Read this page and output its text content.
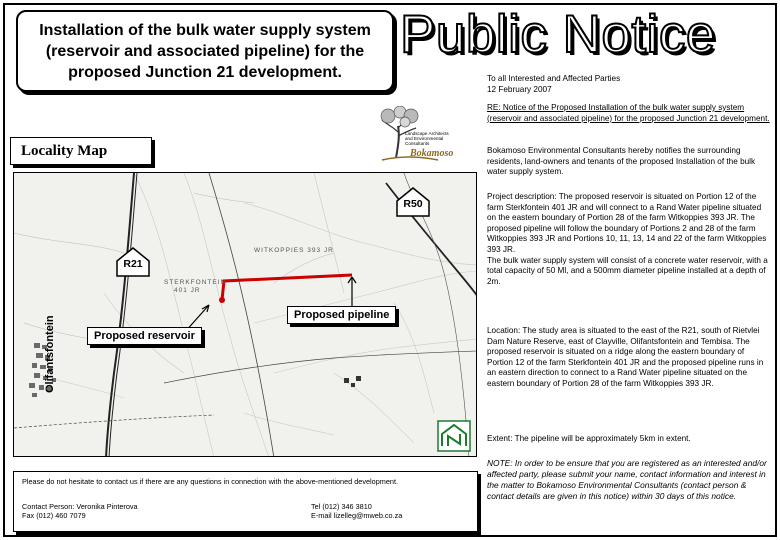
Installation of the bulk water supply system
(reservoir and associated pipeline) for the
proposed Junction 21 development.
Public Notice

To all Interested and Affected Parties

12 February 2007

RE: Notice of the Proposed Installation of the bulk water supply system (reservoir and associated pipeline) for the proposed Junction 21 development.

Landscape Architects and Environmental Consultants
Bokamoso	Bokamoso Environmental Consultants hereby notifies the surrounding residents, land-owners and tenants of the proposed Installation of the bulk water supply system.

Project description: The proposed reservoir is situated on Portion 12 of the farm Sterkfontein 401 JR and will connect to a Rand Water pipeline situated on the eastern boundary of Portion 28 of the farm Witkoppies 393 JR. The proposed pipeline will follow the boundary of Portions 2 and 28 of the farm Witkoppies 393 JR and Portions 10, 11, 13, 14 and 22 of the farm Witkoppies 393 JR.

The bulk water supply system will consist of a concrete water reservoir, with a total capacity of 50 Ml, and a 500mm diameter pipeline installed at a depth of 2m.

Location: The study area is situated to the east of the R21, south of Rietvlei Dam Nature Reserve, east of Clayville, Olifantsfontein and Tembisa. The proposed reservoir is situated on a ridge along the eastern boundary of Portion 12 of the farm Sterkfontein 401 JR and the proposed pipeline runs in an eastern direction to connect to a Rand Water pipeline situated on the eastern boundary of Portion 28 of the farm Witkoppies 393 JR.
Extent: The pipeline will be approximately 5km in extent.
NOTE: In order to be ensure that you are registered as an interested and/or affected party, please submit your name, contact information and interest in the matter to Bokamoso Environmental Consultants (contact person & contact details are given in this notice) within 30 days of this notice.
Locality Map
R21
R50
WITKOPPIES 393 JR
STERKFONTEIN
401 JR
Proposed reservoir
Proposed pipeline
Olifantsfontein
Please do not hesitate to contact us if there are any questions in connection with the above-mentioned development.
Contact Person: Veronika Pinterova
Fax (012) 460 7079
Tel (012) 346 3810
E-mail lizelleg@mweb.co.za
